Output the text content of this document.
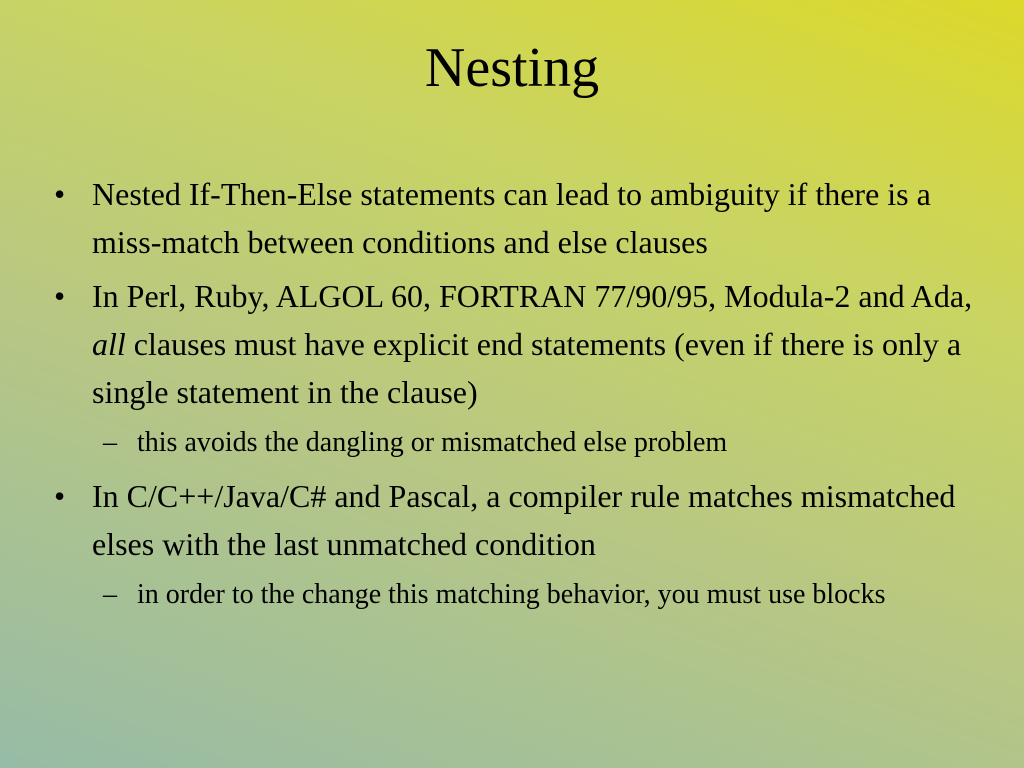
Nesting
• Nested If-Then-Else statements can lead to ambiguity if there is a miss-match between conditions and else clauses
• In Perl, Ruby, ALGOL 60, FORTRAN 77/90/95, Modula-2 and Ada, all clauses must have explicit end statements (even if there is only a single statement in the clause)
– this avoids the dangling or mismatched else problem
• In C/C++/Java/C# and Pascal, a compiler rule matches mismatched elses with the last unmatched condition
– in order to the change this matching behavior, you must use blocks
